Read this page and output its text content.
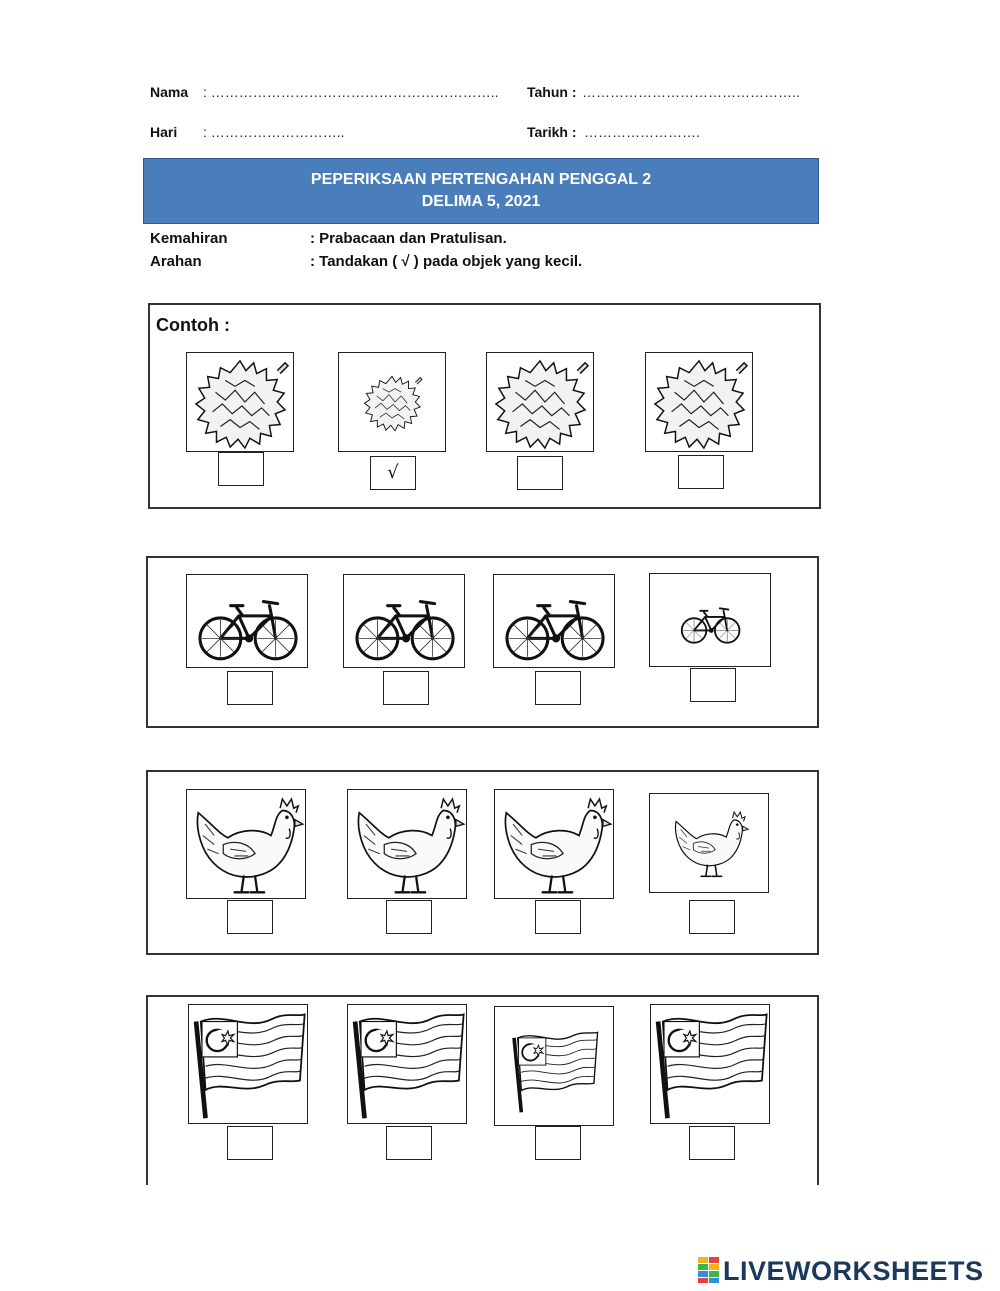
Nama : …………………………………………………….. Tahun : ………………………………………..
Hari : ………………………..	Tarikh : …………………….
PEPERIKSAAN PERTENGAHAN PENGGAL 2
DELIMA 5, 2021
Kemahiran	: Prabacaan dan Pratulisan.
Arahan	: Tandakan ( √ ) pada objek yang kecil.
Contoh :
√
LIVEWORKSHEETS
